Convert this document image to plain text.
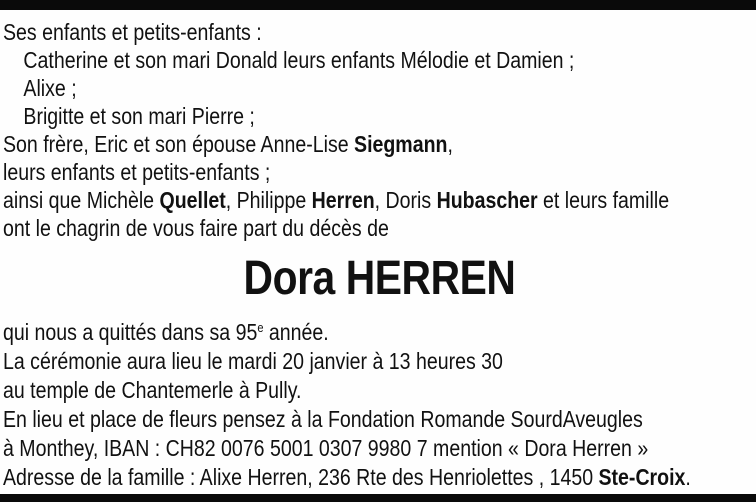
Ses enfants et petits-enfants :
Catherine et son mari Donald leurs enfants Mélodie et Damien ;
Alixe ;
Brigitte et son mari Pierre ;
Son frère, Eric et son épouse Anne-Lise Siegmann,
leurs enfants et petits-enfants ;
ainsi que Michèle Quellet, Philippe Herren, Doris Hubascher et leurs famille
ont le chagrin de vous faire part du décès de
Dora HERREN
qui nous a quittés dans sa 95e année.
La cérémonie aura lieu le mardi 20 janvier à 13 heures 30
au temple de Chantemerle à Pully.
En lieu et place de fleurs pensez à la Fondation Romande SourdAveugles
à Monthey, IBAN : CH82 0076 5001 0307 9980 7 mention « Dora Herren »
Adresse de la famille : Alixe Herren, 236 Rte des Henriolettes , 1450 Ste-Croix.
